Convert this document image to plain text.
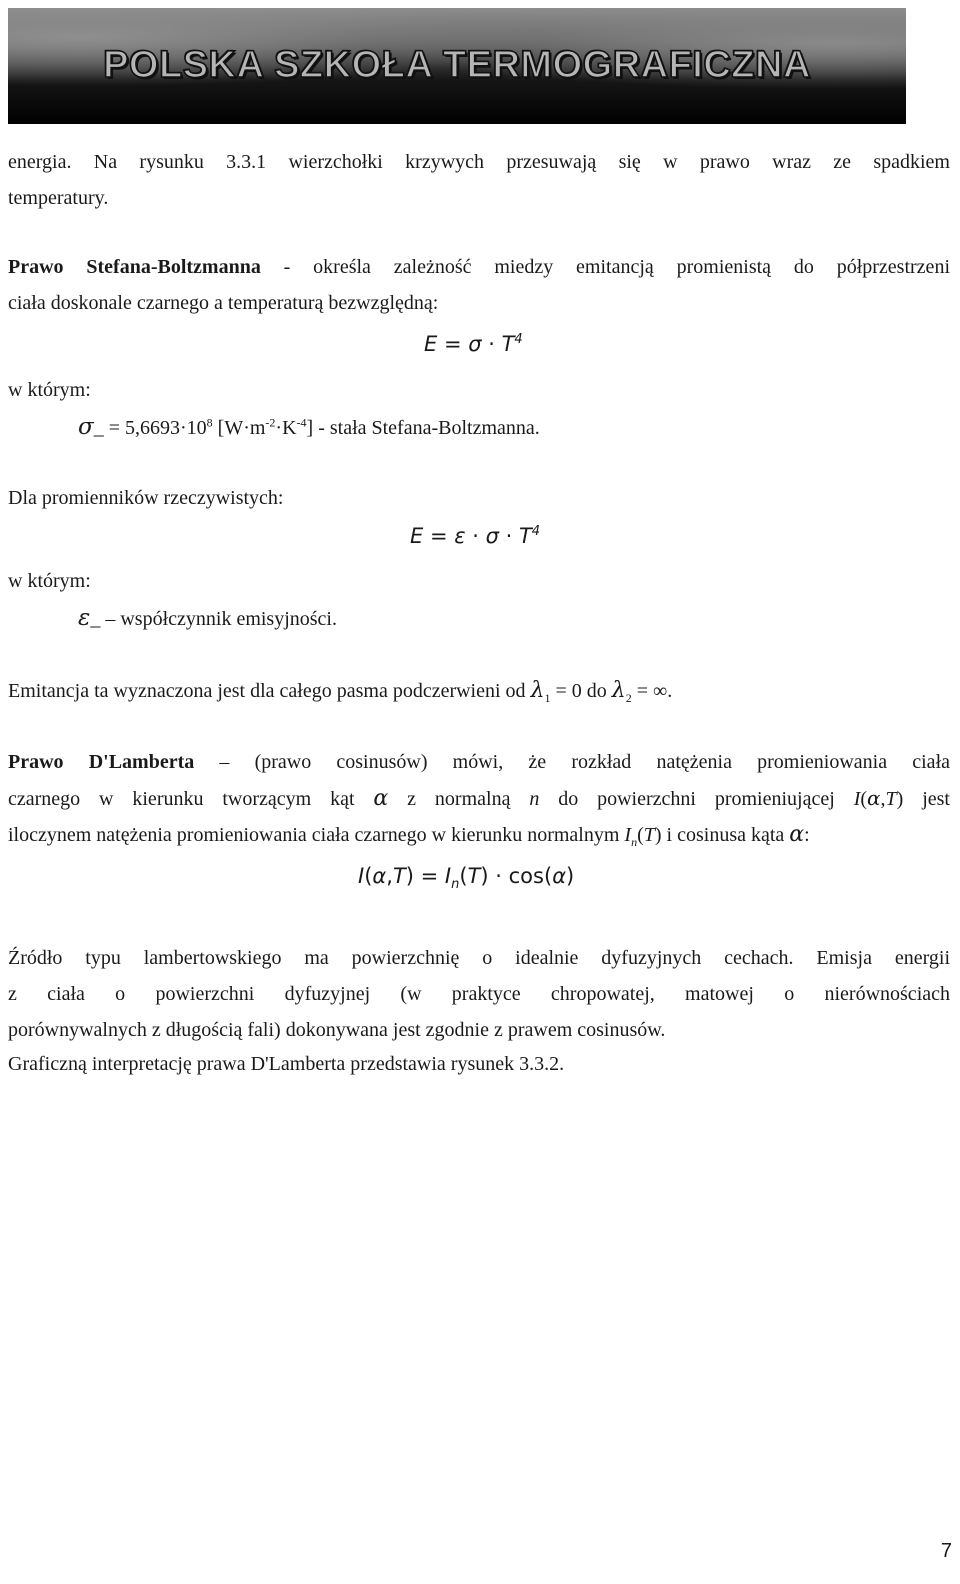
POLSKA SZKOŁA TERMOGRAFICZNA
energia. Na rysunku 3.3.1 wierzchołki krzywych przesuwają się w prawo wraz ze spadkiem
temperatury.
Prawo Stefana-Boltzmanna - określa zależność miedzy emitancją promienistą do półprzestrzeni
ciała doskonale czarnego a temperaturą bezwzględną:
$E = \sigma \cdot T^4$
w którym:
σ_ = $5,6693\cdot 10^8$ $[W\cdot m^{-2}\cdot K^{-4}]$ - stała Stefana-Boltzmanna.
Dla promienników rzeczywistych:
$E = \varepsilon \cdot \sigma \cdot T^4$
w którym:
ε_ – współczynnik emisyjności.
Emitancja ta wyznaczona jest dla całego pasma podczerwieni od $\lambda_1 = 0$ do $\lambda_2$ = ∞.
Prawo D'Lamberta – (prawo cosinusów) mówi, że rozkład natężenia promieniowania ciała
czarnego w kierunku tworzącym kąt α z normalną n do powierzchni promieniującej I(α,T) jest
iloczynem natężenia promieniowania ciała czarnego w kierunku normalnym $I_n(T)$ i cosinusa kąta α:
$I(\alpha,T) = I_n(T) \cdot \cos(\alpha)$
Źródło typu lambertowskiego ma powierzchnię o idealnie dyfuzyjnych cechach. Emisja energii
z ciała o powierzchni dyfuzyjnej (w praktyce chropowatej, matowej o nierównościach
porównywalnych z długością fali) dokonywana jest zgodnie z prawem cosinusów.
Graficzną interpretację prawa D'Lamberta przedstawia rysunek 3.3.2.
7
